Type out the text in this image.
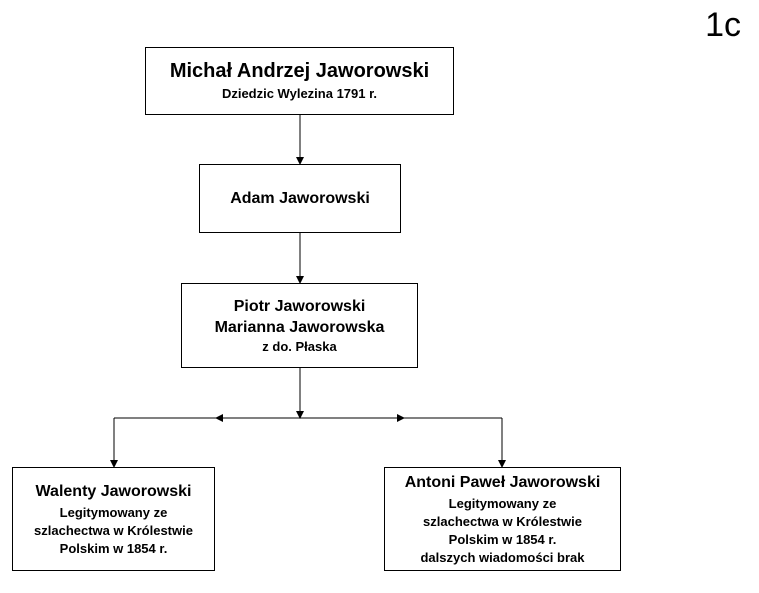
1c
Michał Andrzej Jaworowski
Dziedzic Wylezina 1791 r.
Adam Jaworowski
Piotr Jaworowski
Marianna Jaworowska
z do. Płaska
Walenty Jaworowski
Legitymowany ze
szlachectwa w Królestwie
Polskim w 1854 r.
Antoni Paweł Jaworowski
Legitymowany ze
szlachectwa w Królestwie
Polskim w 1854 r.
dalszych wiadomości brak
